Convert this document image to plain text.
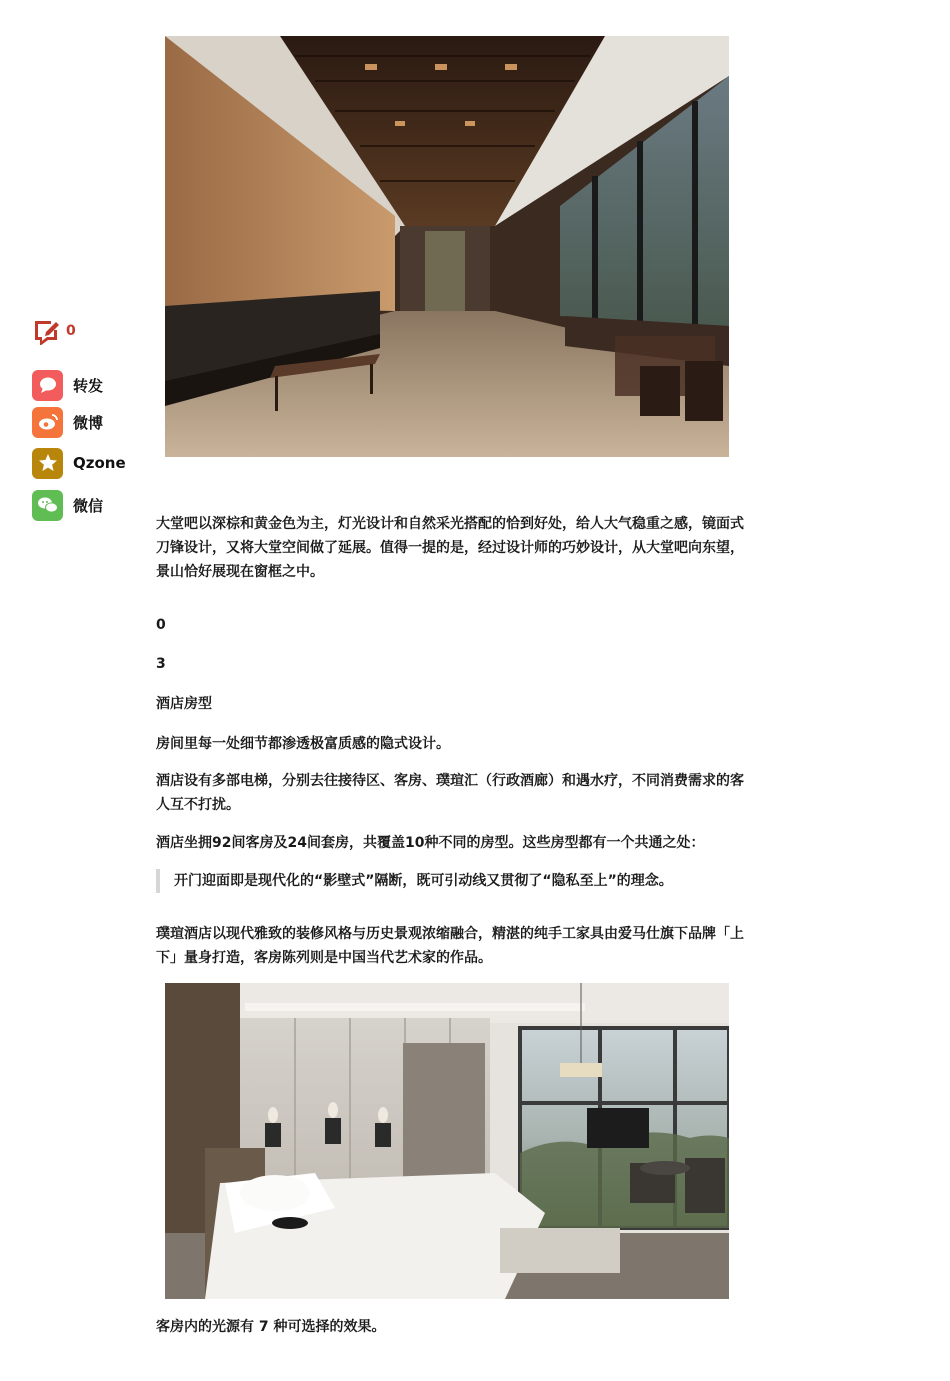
0
转发
微博
Qzone
微信

大堂吧以深棕和黄金色为主，灯光设计和自然采光搭配的恰到好处，给人大气稳重之感，镜面式刀锋设计，又将大堂空间做了延展。值得一提的是，经过设计师的巧妙设计，从大堂吧向东望，景山恰好展现在窗框之中。

0
3
酒店房型

房间里每一处细节都渗透极富质感的隐式设计。

酒店设有多部电梯，分别去往接待区、客房、璞瑄汇（行政酒廊）和遇水疗，不同消费需求的客人互不打扰。

酒店坐拥92间客房及24间套房，共覆盖10种不同的房型。这些房型都有一个共通之处：

开门迎面即是现代化的“影壁式”隔断，既可引动线又贯彻了“隐私至上”的理念。

璞瑄酒店以现代雅致的装修风格与历史景观浓缩融合，精湛的纯手工家具由爱马仕旗下品牌「上下」量身打造，客房陈列则是中国当代艺术家的作品。

客房内的光源有 7 种可选择的效果。
